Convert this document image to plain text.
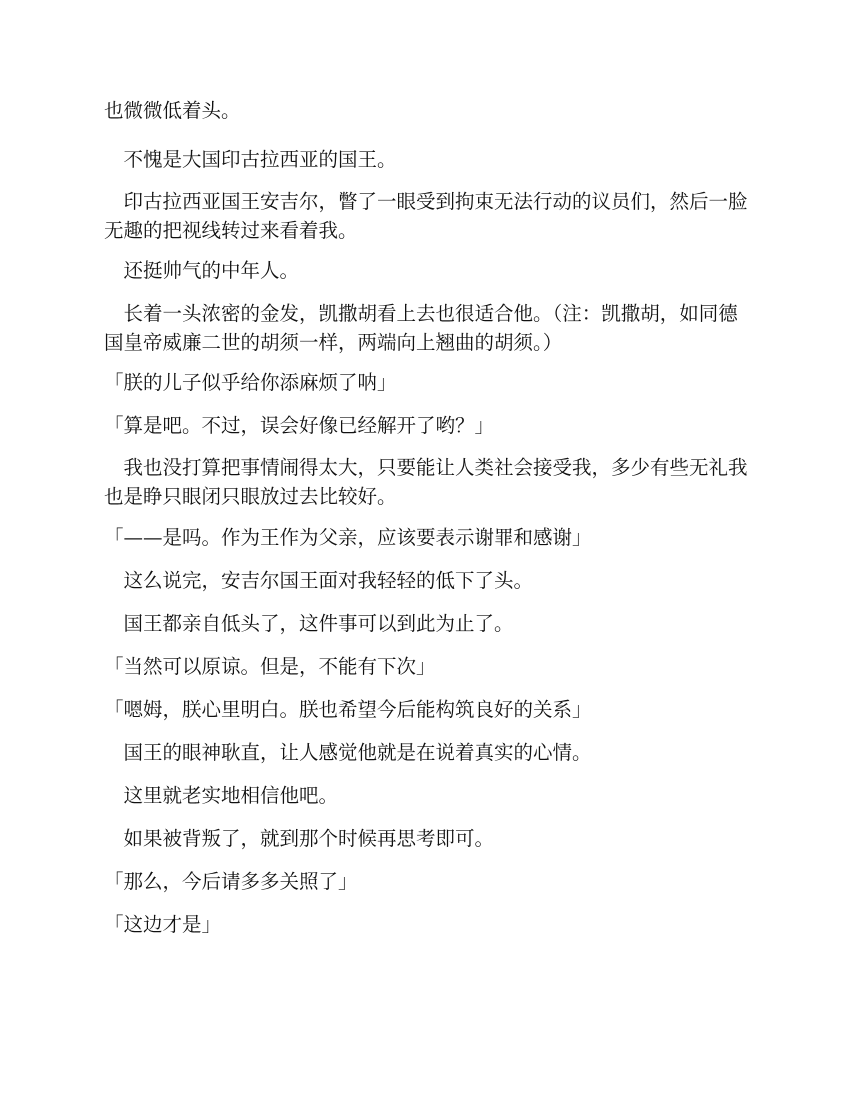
也微微低着头。

　不愧是大国印古拉西亚的国王。

　印古拉西亚国王安吉尔，瞥了一眼受到拘束无法行动的议员们，然后一脸无趣的把视线转过来看着我。

　还挺帅气的中年人。

　长着一头浓密的金发，凯撒胡看上去也很适合他。（注：凯撒胡，如同德国皇帝威廉二世的胡须一样，两端向上翘曲的胡须。）

「朕的儿子似乎给你添麻烦了呐」

「算是吧。不过，误会好像已经解开了哟？」

　我也没打算把事情闹得太大，只要能让人类社会接受我，多少有些无礼我也是睁只眼闭只眼放过去比较好。

「——是吗。作为王作为父亲，应该要表示谢罪和感谢」

　这么说完，安吉尔国王面对我轻轻的低下了头。

　国王都亲自低头了，这件事可以到此为止了。

「当然可以原谅。但是，不能有下次」

「嗯姆，朕心里明白。朕也希望今后能构筑良好的关系」

　国王的眼神耿直，让人感觉他就是在说着真实的心情。

　这里就老实地相信他吧。

　如果被背叛了，就到那个时候再思考即可。

「那么，今后请多多关照了」

「这边才是」
